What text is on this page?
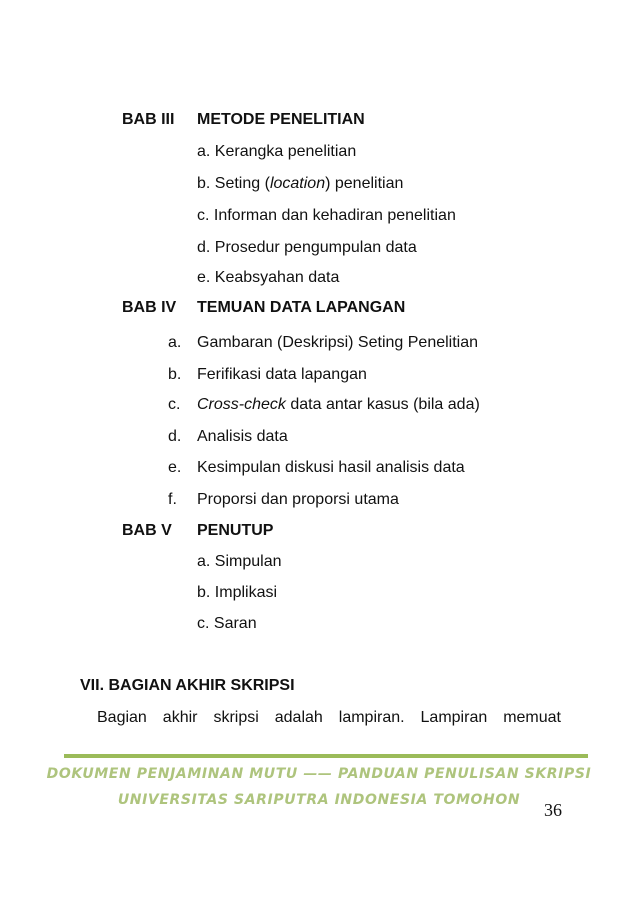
BAB III METODE PENELITIAN
a. Kerangka penelitian
b. Seting (location) penelitian
c. Informan dan kehadiran penelitian
d. Prosedur pengumpulan data
e. Keabsyahan data
BAB IV TEMUAN DATA LAPANGAN
a. Gambaran (Deskripsi) Seting Penelitian
b. Ferifikasi data lapangan
c. Cross-check data antar kasus (bila ada)
d. Analisis data
e. Kesimpulan diskusi hasil analisis data
f. Proporsi dan proporsi utama
BAB V PENUTUP
a. Simpulan
b. Implikasi
c. Saran
VII. BAGIAN AKHIR SKRIPSI
Bagian akhir skripsi adalah lampiran. Lampiran memuat
DOKUMEN PENJAMINAN MUTU —— PANDUAN PENULISAN SKRIPSI
UNIVERSITAS SARIPUTRA INDONESIA TOMOHON	36
